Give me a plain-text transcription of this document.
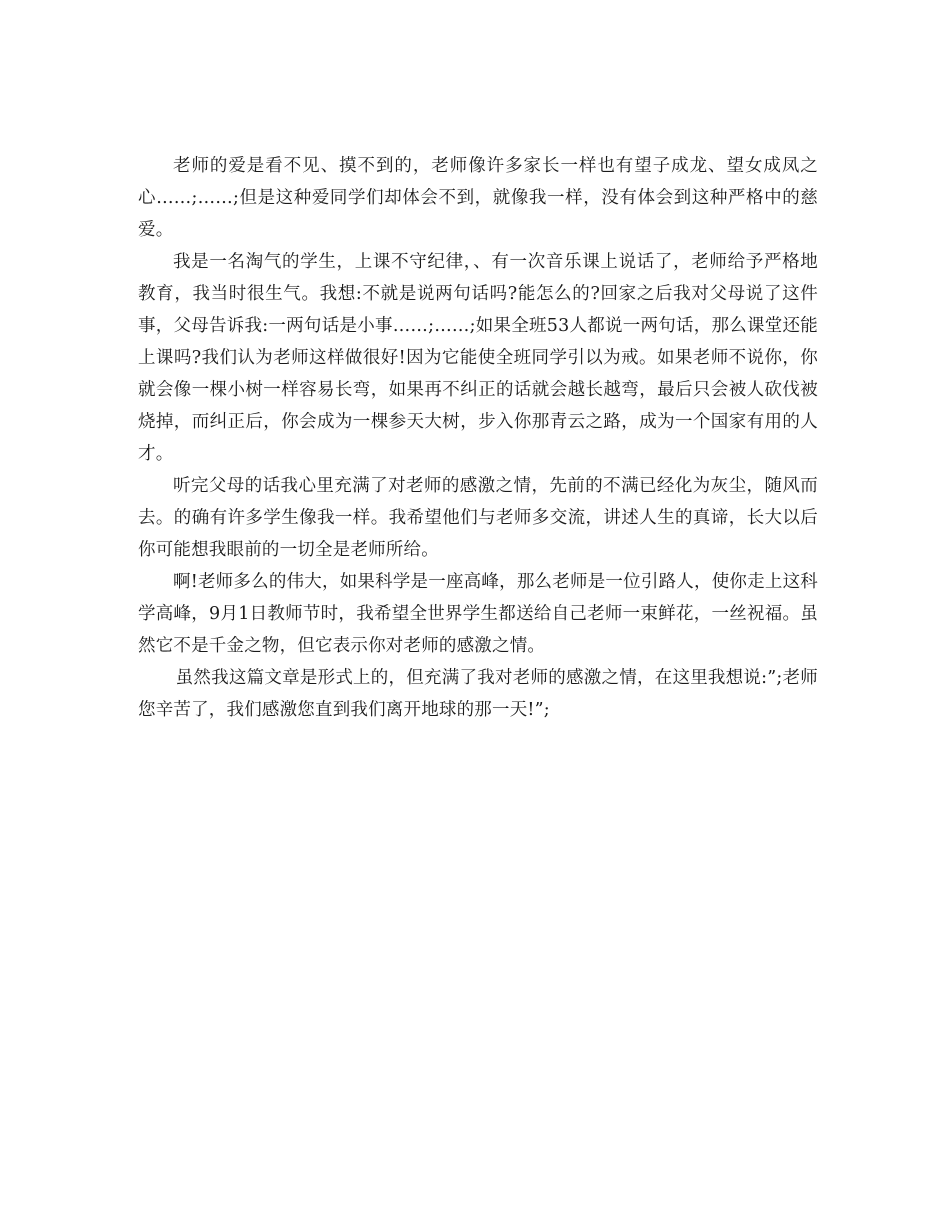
老师的爱是看不见、摸不到的，老师像许多家长一样也有望子成龙、望女成凤之心……;……;但是这种爱同学们却体会不到，就像我一样，没有体会到这种严格中的慈爱。

我是一名淘气的学生，上课不守纪律，、有一次音乐课上说话了，老师给予严格地教育，我当时很生气。我想:不就是说两句话吗?能怎么的?回家之后我对父母说了这件事，父母告诉我:一两句话是小事……;……;如果全班53人都说一两句话，那么课堂还能上课吗?我们认为老师这样做很好!因为它能使全班同学引以为戒。如果老师不说你，你就会像一棵小树一样容易长弯，如果再不纠正的话就会越长越弯，最后只会被人砍伐被烧掉，而纠正后，你会成为一棵参天大树，步入你那青云之路，成为一个国家有用的人才。

听完父母的话我心里充满了对老师的感激之情，先前的不满已经化为灰尘，随风而去。的确有许多学生像我一样。我希望他们与老师多交流，讲述人生的真谛，长大以后你可能想我眼前的一切全是老师所给。

啊!老师多么的伟大，如果科学是一座高峰，那么老师是一位引路人，使你走上这科学高峰，9月1日教师节时，我希望全世界学生都送给自己老师一束鲜花，一丝祝福。虽然它不是千金之物，但它表示你对老师的感激之情。

虽然我这篇文章是形式上的，但充满了我对老师的感激之情，在这里我想说:”;老师您辛苦了，我们感激您直到我们离开地球的那一天!”;
